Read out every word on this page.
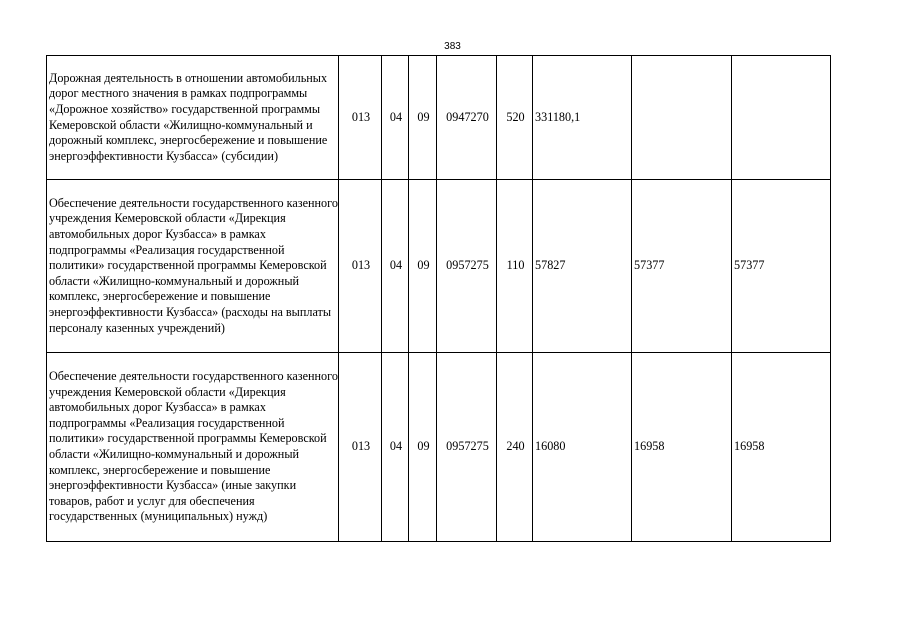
383
Дорожная деятельность в отношении автомобильных дорог местного значения в рамках подпрограммы «Дорожное хозяйство» государственной программы Кемеровской области «Жилищно-коммунальный и дорожный комплекс, энергосбережение и повышение энергоэффективности Кузбасса» (субсидии)	013	04	09	0947270	520	331180,1		
Обеспечение деятельности государственного казенного учреждения Кемеровской области «Дирекция автомобильных дорог Кузбасса» в рамках подпрограммы «Реализация государственной политики» государственной программы Кемеровской области «Жилищно-коммунальный и дорожный комплекс, энергосбережение и повышение энергоэффективности Кузбасса» (расходы на выплаты персоналу казенных учреждений)	013	04	09	0957275	110	57827	57377	57377
Обеспечение деятельности государственного казенного учреждения Кемеровской области «Дирекция автомобильных дорог Кузбасса» в рамках подпрограммы «Реализация государственной политики» государственной программы Кемеровской области «Жилищно-коммунальный и дорожный комплекс, энергосбережение и повышение энергоэффективности Кузбасса» (иные закупки товаров, работ и услуг для обеспечения государственных (муниципальных) нужд)	013	04	09	0957275	240	16080	16958	16958
